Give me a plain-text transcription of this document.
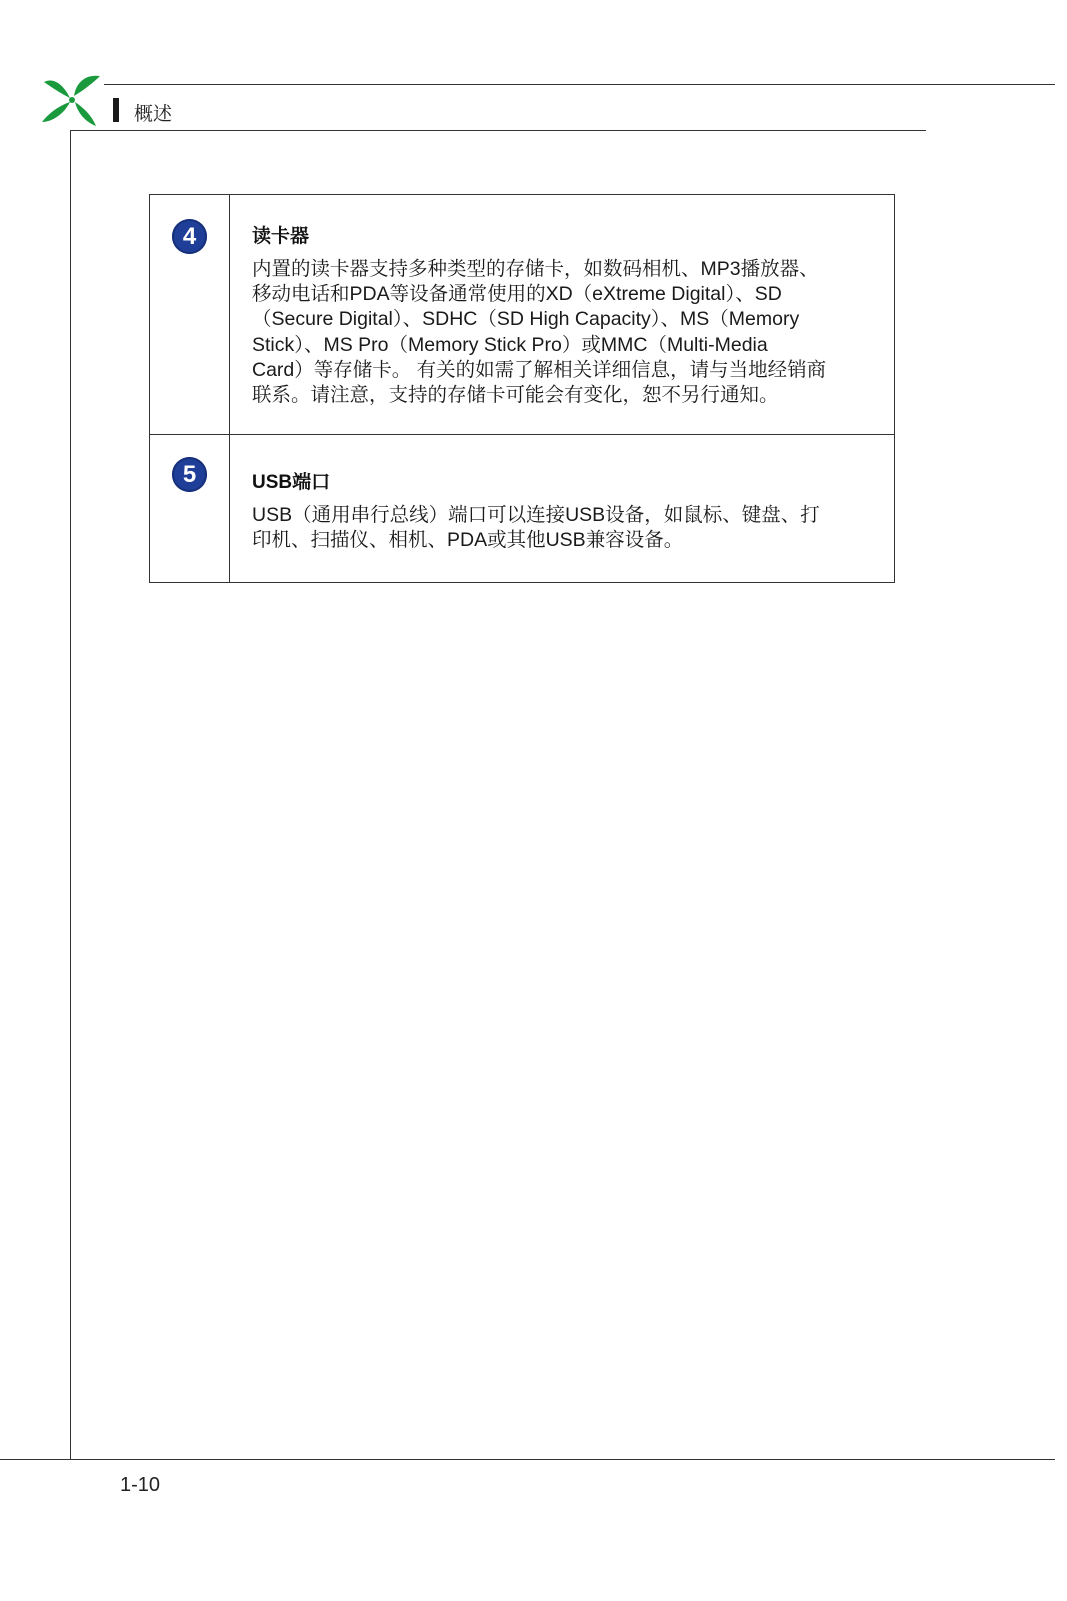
概述
4	读卡器

内置的读卡器支持多种类型的存储卡，如数码相机、MP3播放器、
移动电话和PDA等设备通常使用的XD（eXtreme Digital）、SD
（Secure Digital）、SDHC（SD High Capacity）、MS（Memory
Stick）、MS Pro（Memory Stick Pro）或MMC（Multi-Media
Card）等存储卡。 有关的如需了解相关详细信息，请与当地经销商
联系。请注意，支持的存储卡可能会有变化，恕不另行通知。

5	USB端口

USB（通用串行总线）端口可以连接USB设备，如鼠标、键盘、打
印机、扫描仪、相机、PDA或其他USB兼容设备。

1-10
